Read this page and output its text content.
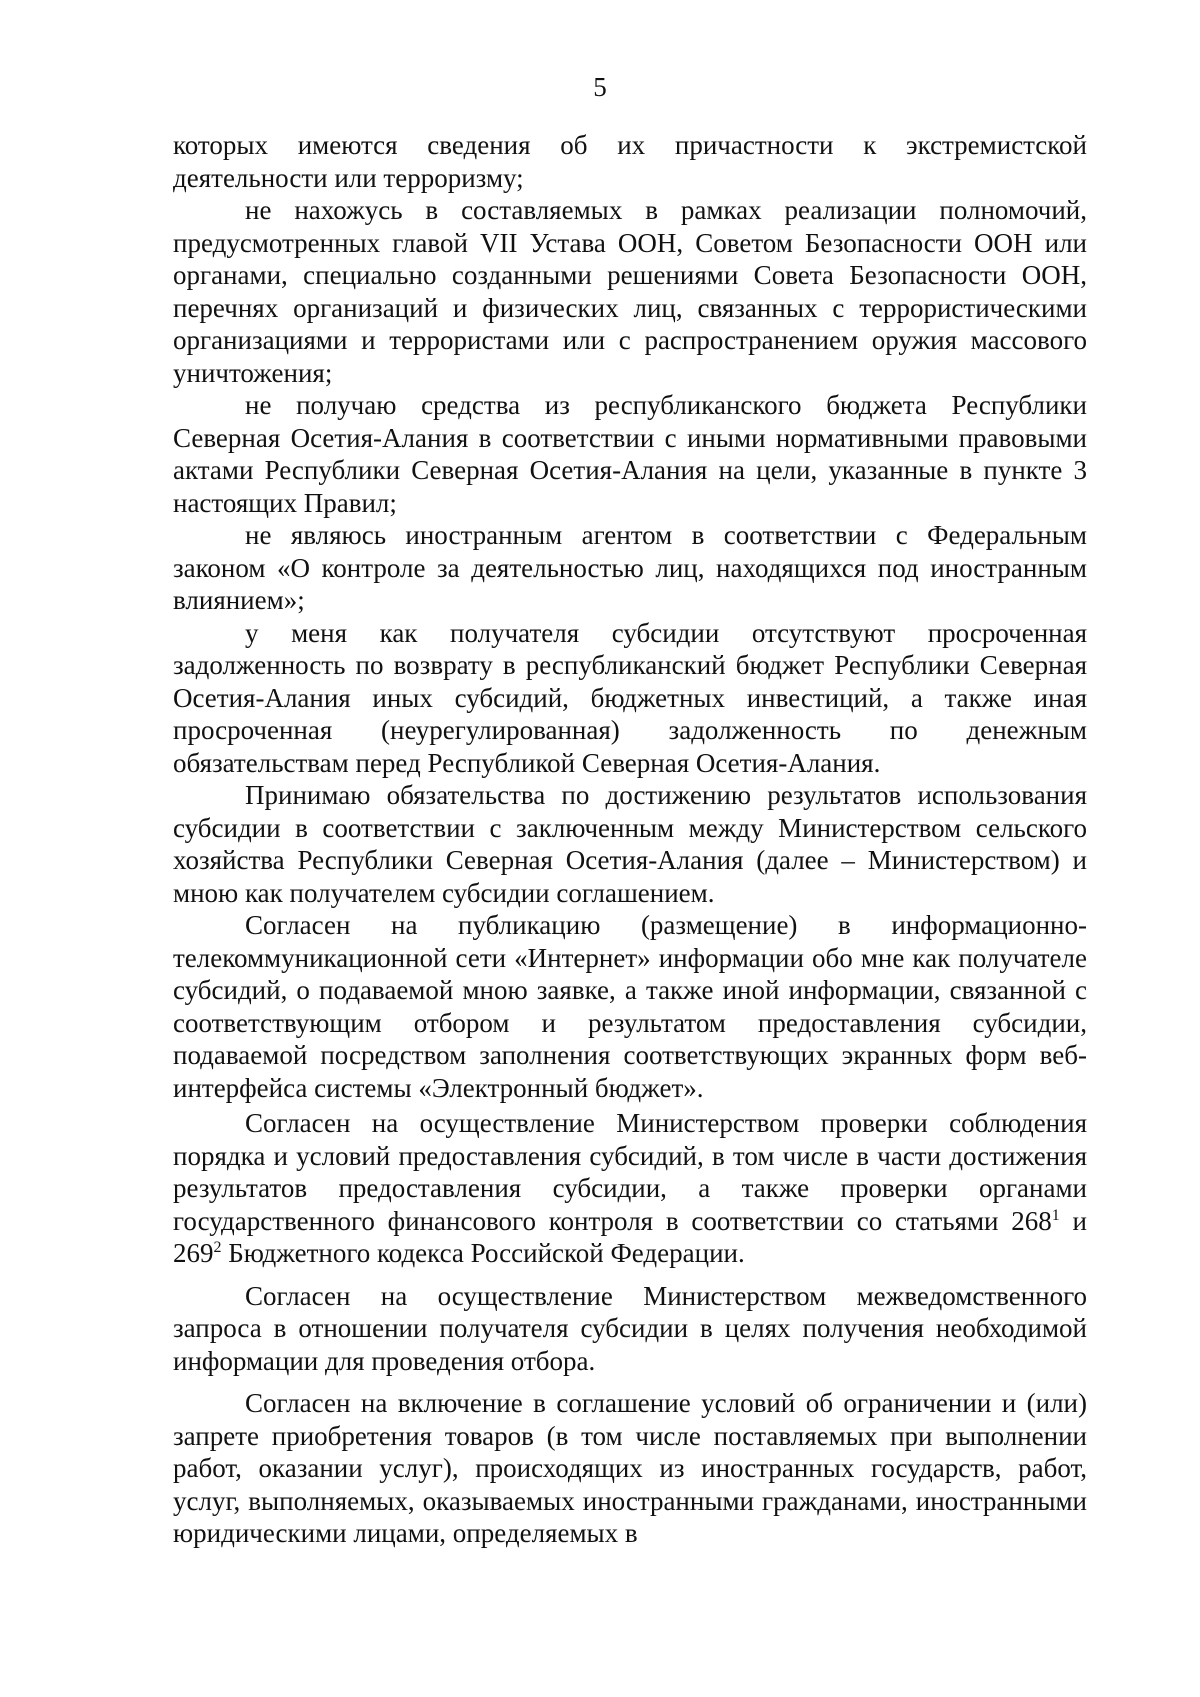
5

которых имеются сведения об их причастности к экстремистской деятельности или терроризму;

не нахожусь в составляемых в рамках реализации полномочий, предусмотренных главой VII Устава ООН, Советом Безопасности ООН или органами, специально созданными решениями Совета Безопасности ООН, перечнях организаций и физических лиц, связанных с террористическими организациями и террористами или с распространением оружия массового уничтожения;

не получаю средства из республиканского бюджета Республики Северная Осетия-Алания в соответствии с иными нормативными правовыми актами Республики Северная Осетия-Алания на цели, указанные в пункте 3 настоящих Правил;

не являюсь иностранным агентом в соответствии с Федеральным законом «О контроле за деятельностью лиц, находящихся под иностранным влиянием»;

у меня как получателя субсидии отсутствуют просроченная задолженность по возврату в республиканский бюджет Республики Северная Осетия-Алания иных субсидий, бюджетных инвестиций, а также иная просроченная (неурегулированная) задолженность по денежным обязательствам перед Республикой Северная Осетия-Алания.

Принимаю обязательства по достижению результатов использования субсидии в соответствии с заключенным между Министерством сельского хозяйства Республики Северная Осетия-Алания (далее – Министерством) и мною как получателем субсидии соглашением.

Согласен на публикацию (размещение) в информационно-телекоммуникационной сети «Интернет» информации обо мне как получателе субсидий, о подаваемой мною заявке, а также иной информации, связанной с соответствующим отбором и результатом предоставления субсидии, подаваемой посредством заполнения соответствующих экранных форм веб-интерфейса системы «Электронный бюджет».

Согласен на осуществление Министерством проверки соблюдения порядка и условий предоставления субсидий, в том числе в части достижения результатов предоставления субсидии, а также проверки органами государственного финансового контроля в соответствии со статьями $268^1$ и $269^2$ Бюджетного кодекса Российской Федерации.

Согласен на осуществление Министерством межведомственного запроса в отношении получателя субсидии в целях получения необходимой информации для проведения отбора.

Согласен на включение в соглашение условий об ограничении и (или) запрете приобретения товаров (в том числе поставляемых при выполнении работ, оказании услуг), происходящих из иностранных государств, работ, услуг, выполняемых, оказываемых иностранными гражданами, иностранными юридическими лицами, определяемых в
